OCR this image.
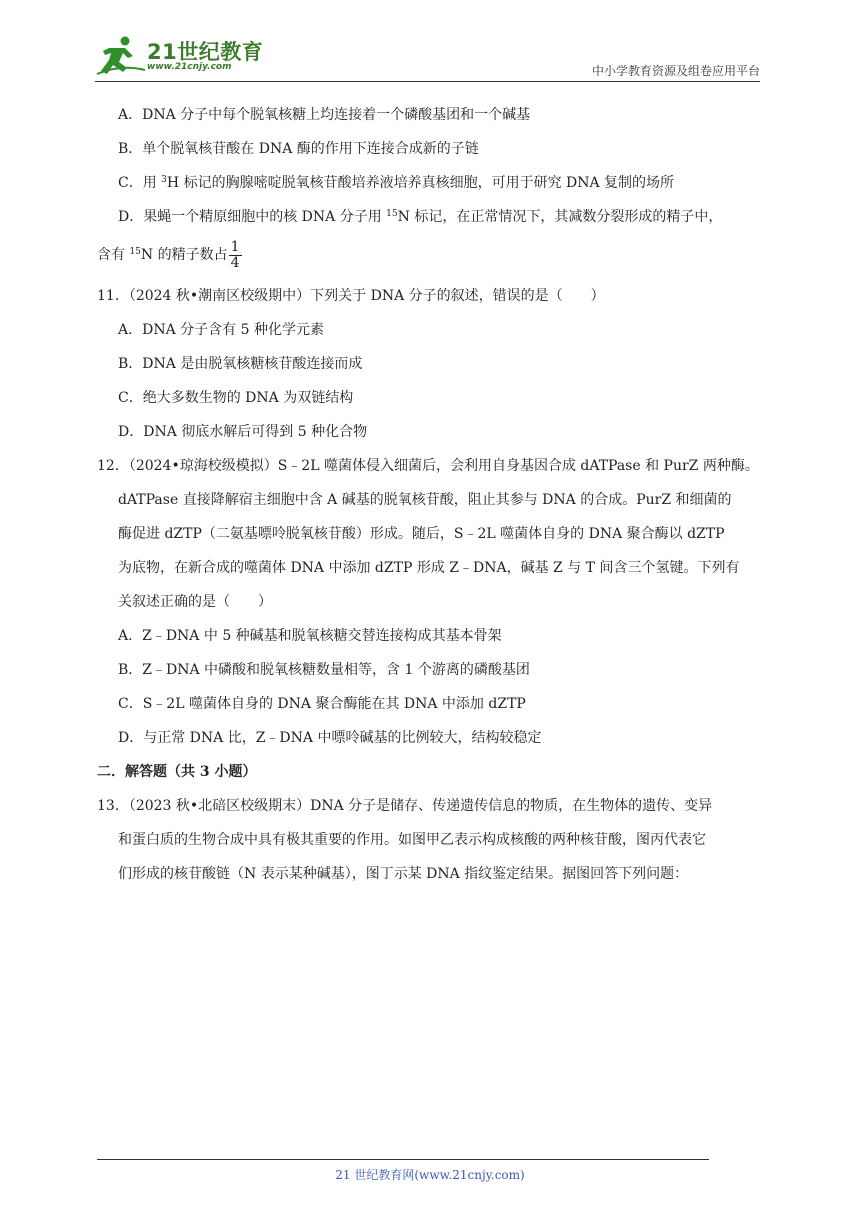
21世纪教育
www.21cnjy.com	中小学教育资源及组卷应用平台
A．DNA 分子中每个脱氧核糖上均连接着一个磷酸基团和一个碱基
B．单个脱氧核苷酸在 DNA 酶的作用下连接合成新的子链
C．用 $^3$H 标记的胸腺嘧啶脱氧核苷酸培养液培养真核细胞，可用于研究 DNA 复制的场所
D．果蝇一个精原细胞中的核 DNA 分子用 $^{15}$N 标记，在正常情况下，其减数分裂形成的精子中，
含有 $^{15}$N 的精子数占 $\frac{1}{4}$
11．（2024 秋•潮南区校级期中）下列关于 DNA 分子的叙述，错误的是（　　）
A．DNA 分子含有 5 种化学元素
B．DNA 是由脱氧核糖核苷酸连接而成
C．绝大多数生物的 DNA 为双链结构
D．DNA 彻底水解后可得到 5 种化合物
12．（2024•琼海校级模拟）S﹣2L 噬菌体侵入细菌后，会利用自身基因合成 dATPase 和 PurZ 两种酶。
dATPase 直接降解宿主细胞中含 A 碱基的脱氧核苷酸，阻止其参与 DNA 的合成。PurZ 和细菌的
酶促进 dZTP（二氨基嘌呤脱氧核苷酸）形成。随后，S﹣2L 噬菌体自身的 DNA 聚合酶以 dZTP
为底物，在新合成的噬菌体 DNA 中添加 dZTP 形成 Z﹣DNA，碱基 Z 与 T 间含三个氢键。下列有
关叙述正确的是（　　）
A．Z﹣DNA 中 5 种碱基和脱氧核糖交替连接构成其基本骨架
B．Z﹣DNA 中磷酸和脱氧核糖数量相等，含 1 个游离的磷酸基团
C．S﹣2L 噬菌体自身的 DNA 聚合酶能在其 DNA 中添加 dZTP
D．与正常 DNA 比，Z﹣DNA 中嘌呤碱基的比例较大，结构较稳定
二．解答题（共 3 小题）
13．（2023 秋•北碚区校级期末）DNA 分子是储存、传递遗传信息的物质，在生物体的遗传、变异
和蛋白质的生物合成中具有极其重要的作用。如图甲乙表示构成核酸的两种核苷酸，图丙代表它
们形成的核苷酸链（N 表示某种碱基），图丁示某 DNA 指纹鉴定结果。据图回答下列问题：
21 世纪教育网(www.21cnjy.com)
